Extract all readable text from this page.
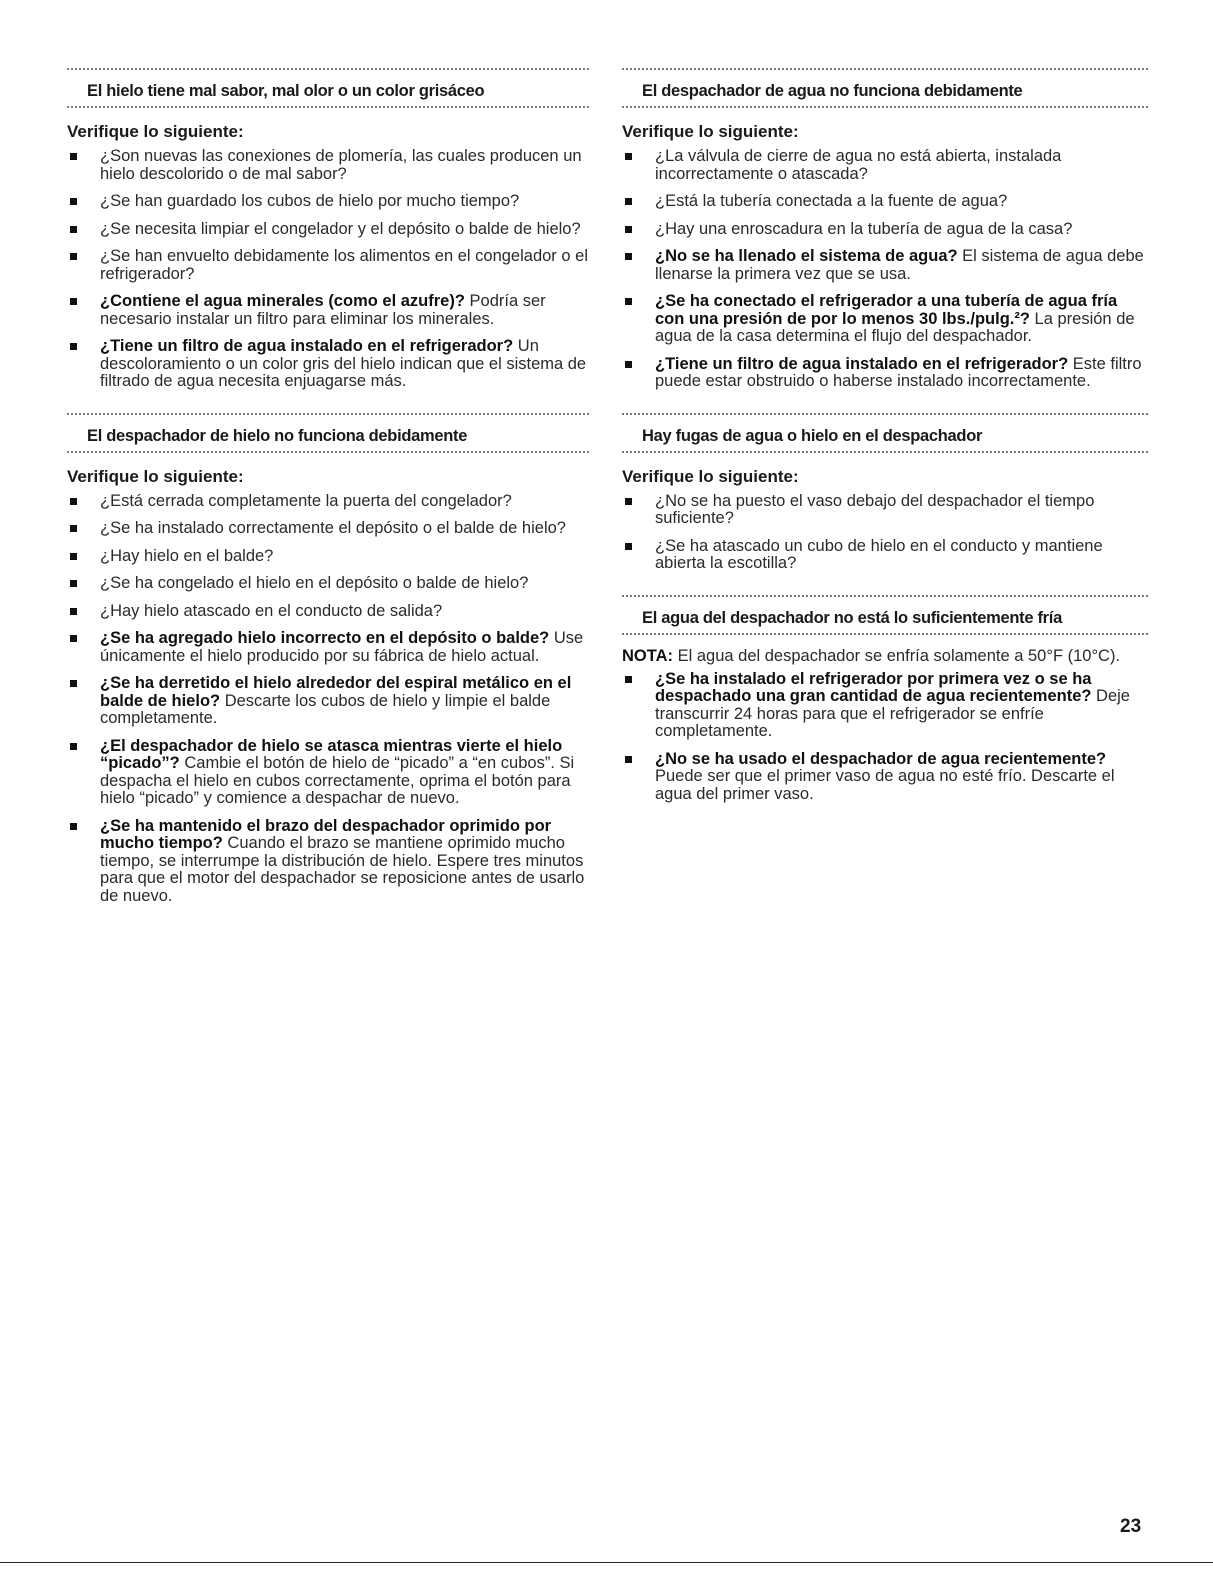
El hielo tiene mal sabor, mal olor o un color grisáceo
Verifique lo siguiente:
¿Son nuevas las conexiones de plomería, las cuales producen un hielo descolorido o de mal sabor?
¿Se han guardado los cubos de hielo por mucho tiempo?
¿Se necesita limpiar el congelador y el depósito o balde de hielo?
¿Se han envuelto debidamente los alimentos en el congelador o el refrigerador?
¿Contiene el agua minerales (como el azufre)? Podría ser necesario instalar un filtro para eliminar los minerales.
¿Tiene un filtro de agua instalado en el refrigerador? Un descoloramiento o un color gris del hielo indican que el sistema de filtrado de agua necesita enjuagarse más.
El despachador de hielo no funciona debidamente
Verifique lo siguiente:
¿Está cerrada completamente la puerta del congelador?
¿Se ha instalado correctamente el depósito o el balde de hielo?
¿Hay hielo en el balde?
¿Se ha congelado el hielo en el depósito o balde de hielo?
¿Hay hielo atascado en el conducto de salida?
¿Se ha agregado hielo incorrecto en el depósito o balde? Use únicamente el hielo producido por su fábrica de hielo actual.
¿Se ha derretido el hielo alrededor del espiral metálico en el balde de hielo? Descarte los cubos de hielo y limpie el balde completamente.
¿El despachador de hielo se atasca mientras vierte el hielo “picado”? Cambie el botón de hielo de “picado” a “en cubos”. Si despacha el hielo en cubos correctamente, oprima el botón para hielo “picado” y comience a despachar de nuevo.
¿Se ha mantenido el brazo del despachador oprimido por mucho tiempo? Cuando el brazo se mantiene oprimido mucho tiempo, se interrumpe la distribución de hielo. Espere tres minutos para que el motor del despachador se reposicione antes de usarlo de nuevo.
El despachador de agua no funciona debidamente
Verifique lo siguiente:
¿La válvula de cierre de agua no está abierta, instalada incorrectamente o atascada?
¿Está la tubería conectada a la fuente de agua?
¿Hay una enroscadura en la tubería de agua de la casa?
¿No se ha llenado el sistema de agua? El sistema de agua debe llenarse la primera vez que se usa.
¿Se ha conectado el refrigerador a una tubería de agua fría con una presión de por lo menos 30 lbs./pulg.²? La presión de agua de la casa determina el flujo del despachador.
¿Tiene un filtro de agua instalado en el refrigerador? Este filtro puede estar obstruido o haberse instalado incorrectamente.
Hay fugas de agua o hielo en el despachador
Verifique lo siguiente:
¿No se ha puesto el vaso debajo del despachador el tiempo suficiente?
¿Se ha atascado un cubo de hielo en el conducto y mantiene abierta la escotilla?
El agua del despachador no está lo suficientemente fría
NOTA: El agua del despachador se enfría solamente a 50°F (10°C).
¿Se ha instalado el refrigerador por primera vez o se ha despachado una gran cantidad de agua recientemente? Deje transcurrir 24 horas para que el refrigerador se enfríe completamente.
¿No se ha usado el despachador de agua recientemente? Puede ser que el primer vaso de agua no esté frío. Descarte el agua del primer vaso.
23
